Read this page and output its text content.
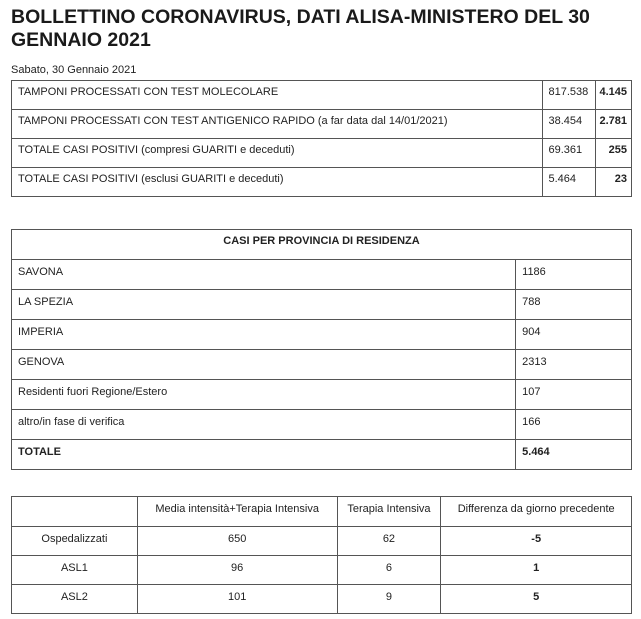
BOLLETTINO CORONAVIRUS, DATI ALISA-MINISTERO DEL 30 GENNAIO 2021
Sabato, 30 Gennaio 2021
TAMPONI PROCESSATI CON TEST MOLECOLARE	817.538	4.145
TAMPONI PROCESSATI CON TEST ANTIGENICO RAPIDO (a far data dal 14/01/2021)	38.454	2.781
TOTALE CASI POSITIVI (compresi GUARITI e deceduti)	69.361	255
TOTALE CASI POSITIVI (esclusi GUARITI e deceduti)	5.464	23
CASI PER PROVINCIA DI RESIDENZA	
SAVONA	1186
LA SPEZIA	788
IMPERIA	904
GENOVA	2313
Residenti fuori Regione/Estero	107
altro/in fase di verifica	166
TOTALE	5.464
	Media intensità+Terapia Intensiva	Terapia Intensiva	Differenza da giorno precedente
Ospedalizzati	650	62	-5
ASL1	96	6	1
ASL2	101	9	5
